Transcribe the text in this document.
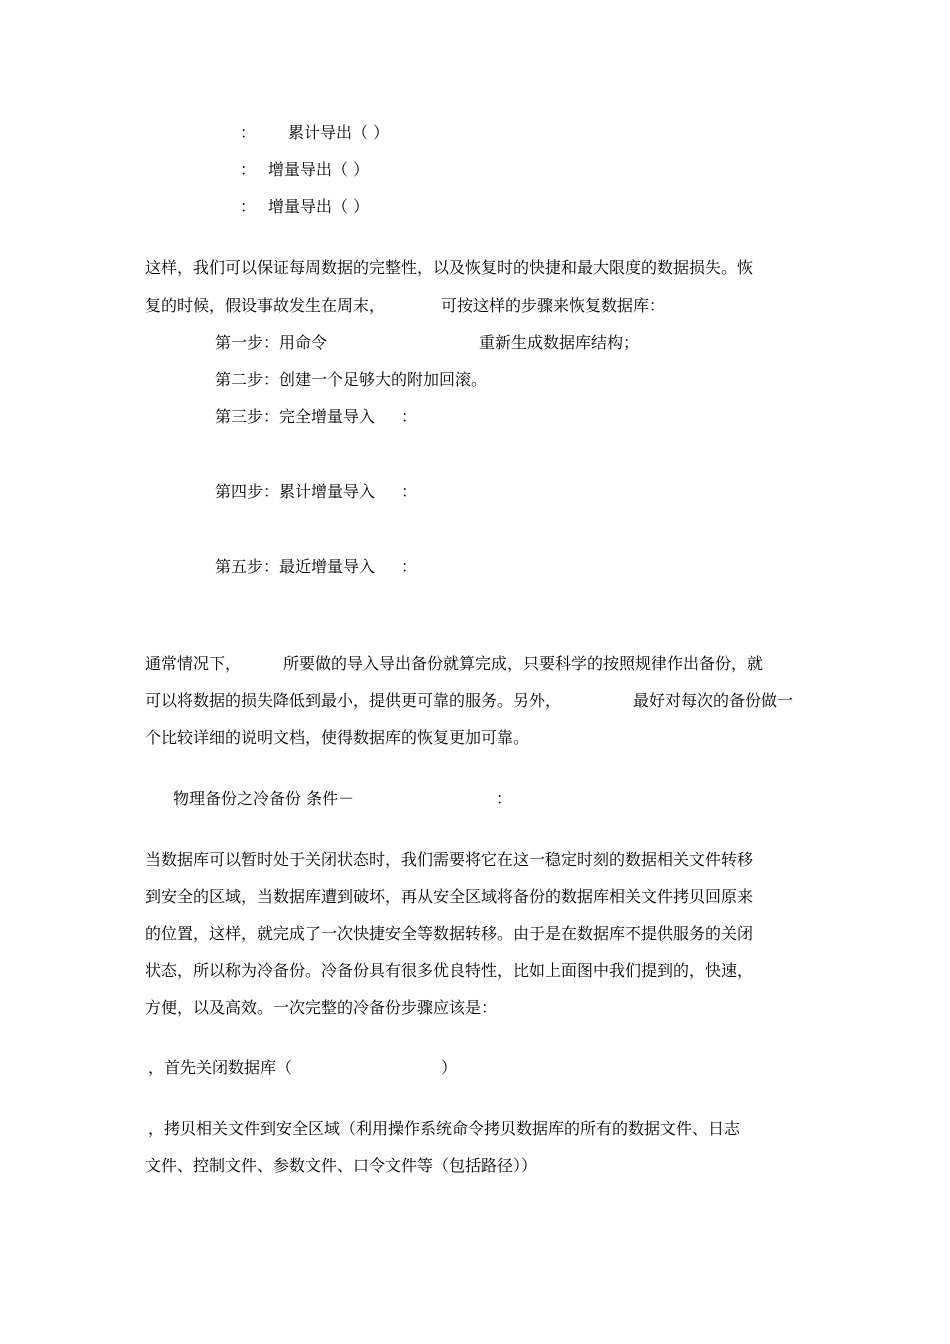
： 累计导出（ ）
： 增量导出（ ）
： 增量导出（ ）
这样，我们可以保证每周数据的完整性，以及恢复时的快捷和最大限度的数据损失。恢
复的时候，假设事故发生在周末，	可按这样的步骤来恢复数据库：
第一步：用命令	重新生成数据库结构；
第二步：创建一个足够大的附加回滚。
第三步：完全增量导入 ：
第四步：累计增量导入 ：
第五步：最近增量导入 ：
通常情况下，	所要做的导入导出备份就算完成，只要科学的按照规律作出备份，就
可以将数据的损失降低到最小，提供更可靠的服务。另外，	最好对每次的备份做一
个比较详细的说明文档，使得数据库的恢复更加可靠。
物理备份之冷备份 条件－	：
当数据库可以暂时处于关闭状态时，我们需要将它在这一稳定时刻的数据相关文件转移
到安全的区域，当数据库遭到破坏，再从安全区域将备份的数据库相关文件拷贝回原来
的位置，这样，就完成了一次快捷安全等数据转移。由于是在数据库不提供服务的关闭
状态，所以称为冷备份。冷备份具有很多优良特性，比如上面图中我们提到的，快速，
方便，以及高效。一次完整的冷备份步骤应该是：
，首先关闭数据库（	）
，拷贝相关文件到安全区域（利用操作系统命令拷贝数据库的所有的数据文件、日志
文件、控制文件、参数文件、口令文件等（包括路径））
